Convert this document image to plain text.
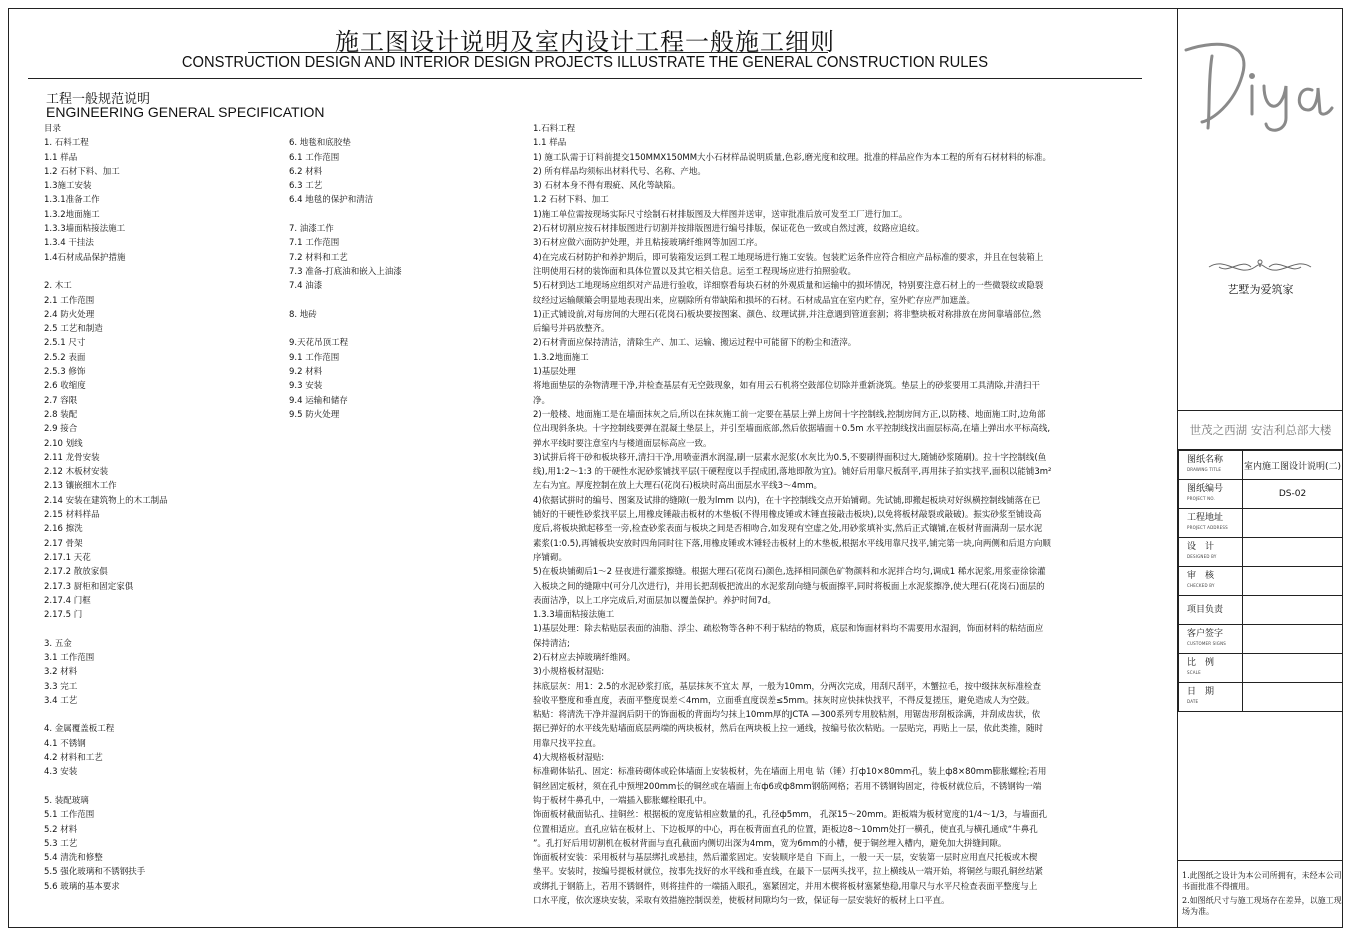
施工图设计说明及室内设计工程一般施工细则
CONSTRUCTION DESIGN AND INTERIOR DESIGN PROJECTS ILLUSTRATE THE GENERAL CONSTRUCTION RULES
工程一般规范说明
ENGINEERING GENERAL SPECIFICATION
目录
1. 石料工程
1.1 样品
1.2 石材下料、加工
1.3施工安装
1.3.1准备工作
1.3.2地面施工
1.3.3墙面粘接法施工
1.3.4 干挂法
1.4石材成品保护措施
2. 木工
2.1 工作范围
2.4 防火处理
2.5 工艺和制造
2.5.1 尺寸
2.5.2 表面
2.5.3 修饰
2.6 收缩度
2.7 容限
2.8 装配
2.9 接合
2.10 划线
2.11 龙骨安装
2.12 木板材安装
2.13 镶嵌细木工作
2.14 安装在建筑物上的木工制品
2.15 材料样品
2.16 擦洗
2.17 骨架
2.17.1 天花
2.17.2 散放家俱
2.17.3 厨柜和固定家俱
2.17.4 门框
2.17.5 门
3. 五金
3.1 工作范围
3.2 材料
3.3 完工
3.4 工艺
4. 金属覆盖板工程
4.1 不锈钢
4.2 材料和工艺
4.3 安装
5. 装配玻璃
5.1 工作范围
5.2 材料
5.3 工艺
5.4 清洗和修整
5.5 强化玻璃和不锈钢扶手
5.6 玻璃的基本要求
6. 地毯和底胶垫
6.1 工作范围
6.2 材料
6.3 工艺
6.4 地毯的保护和清洁
7. 油漆工作
7.1 工作范围
7.2 材料和工艺
7.3 准备-打底油和嵌入上油漆
7.4 油漆
8. 地砖
9.天花吊顶工程
9.1 工作范围
9.2 材料
9.3 安装
9.4 运输和储存
9.5 防火处理
1.石料工程
1.1 样品
1) 施工队需于订料前提交150MMX150MM大小石材样品说明质量,色彩,磨光度和纹理。批准的样品应作为本工程的所有石材材料的标准。
2) 所有样品均须标出材料代号、名称、产地。
3) 石材本身不得有瑕疵、风化等缺陷。
1.2 石材下料、加工
1)施工单位需按现场实际尺寸绘制石材排版图及大样图并送审，送审批准后放可发至工厂进行加工。
2)石材切割应按石材排版图进行切割并按排版图进行编号排版，保证花色一致或自然过渡，纹路应追纹。
3)石材应做六面防护处理，并且粘接玻璃纤维网等加固工序。
4)在完成石材防护和养护期后，即可装箱发运到工程工地现场进行施工安装。包装贮运条件应符合相应产品标准的要求，并且在包装箱上
注明使用石材的装饰面和具体位置以及其它相关信息。运至工程现场应进行拍照验收。
5)石材到达工地现场应组织对产品进行验收，详细察看每块石材的外观质量和运输中的损坏情况，特别要注意石材上的一些微裂纹或隐裂
纹经过运输颠簸会明显地表现出来，应剔除所有带缺陷和损坏的石材。石材成品宜在室内贮存，室外贮存应严加遮盖。
1)正式铺设前,对每房间的大理石(花岗石)板块要按图案、颜色、纹理试拼,并注意遇到管道套割；将非整块板对称排放在房间靠墙部位,然
后编号并码放整齐。
2)石材背面应保持清洁，清除生产、加工、运输、搬运过程中可能留下的粉尘和渣滓。
1.3.2地面施工
1)基层处理
将地面垫层的杂物清理干净,并检查基层有无空鼓现象，如有用云石机将空鼓部位切除并重新浇筑。垫层上的砂浆要用工具清除,并清扫干
净。
2)一般楼、地面施工是在墙面抹灰之后,所以在抹灰施工前一定要在基层上弹上房间十字控制线,控制房间方正,以防楼、地面施工时,边角部
位出现斜条块。十字控制线要弹在混凝土垫层上，并引至墙面底部,然后依据墙面＋0.5m 水平控制线找出面层标高,在墙上弹出水平标高线,
弹水平线时要注意室内与楼道面层标高应一致。
3)试拼后将干砂和板块移开,清扫干净,用喷壶洒水润湿,刷一层素水泥浆(水灰比为0.5,不要刷得面积过大,随铺砂浆随刷)。拉十字控制线(鱼
线),用1:2～1:3 的干硬性水泥砂浆铺找平层(干硬程度以手捏成团,落地即散为宜)。铺好后用靠尺板刮平,再用抹子拍实找平,面积以能铺3m²
左右为宜。厚度控制在放上大理石(花岗石)板块时高出面层水平线3～4mm。
4)依据试拼时的编号、图案及试排的缝隙(一般为lmm 以内)，在十字控制线交点开始铺砌。先试铺,即搬起板块对好纵横控制线铺落在已
铺好的干硬性砂浆找平层上,用橡皮锤敲击板材的木垫板(不得用橡皮锤或木锤直接敲击板块),以免将板材敲裂或敲破)。振实砂浆至铺设高
度后,将板块掀起移至一旁,检查砂浆表面与板块之间是否相吻合,如发现有空虚之处,用砂浆填补实,然后正式镶铺,在板材背面满刮一层水泥
素浆(1:0.5),再铺板块安放时四角同时往下落,用橡皮锤或木锤轻击板材上的木垫板,根据水平线用靠尺找平,铺完第一块,向两侧和后退方向顺
序铺砌。
5)在板块铺砌后1～2 昼夜进行灌浆擦缝。根据大理石(花岗石)颜色,选择相同颜色矿物颜料和水泥拌合均匀,调成1 稀水泥浆,用浆壶徐徐灌
入板块之间的缝隙中(可分几次进行)，并用长把刮板把流出的水泥浆刮向缝与板面擦平,同时将板面上水泥浆擦净,使大理石(花岗石)面层的
表面洁净，以上工序完成后,对面层加以覆盖保护。养护时间7d。
1.3.3墙面粘接法施工
1)基层处理：除去粘贴层表面的油脂、浮尘、疏松物等各种不利于粘结的物质，底层和饰面材料均不需要用水湿润，饰面材料的粘结面应
保持清洁;
2)石材应去掉玻璃纤维网。
3)小规格板材湿贴:
抹底层灰：用1：2.5的水泥砂浆打底，基层抹灰不宜太 厚，一般为10mm，分两次完成，用刮尺刮平，木蟹拉毛，按中级抹灰标准检查
验收平整度和垂直度，表面平整度误差＜4mm，立面垂直度误差≤5mm。抹灰时应快抹快找平，不得反复搓压，避免造成人为空鼓。
粘贴：将清洗干净并湿润后阴干的饰面板的背面均匀抹上10mm厚的JCTA —300系列专用胶粘剂，用锯齿形刮板涂满，并刮成齿状，依
据已弹好的水平线先贴墙面底层两端的两块板材，然后在两块板上拉一通线，按编号依次粘贴。一层贴完，再贴上一层，依此类推，随时
用靠尺找平拉直。
4)大规格板材湿贴:
标准砌体钻孔、固定：标准砖砌体或砼体墙面上安装板材，先在墙面上用电 钻（锤）打ф10×80mm孔，装上ф8×80mm膨胀螺栓;若用
铜丝固定板材，须在孔中预埋200mm长的铜丝或在墙面上布ф6或ф8mm钢筋网格；若用不锈钢钩固定，待板材就位后，不锈钢钩一端
钩于板材牛鼻孔中，一端插入膨胀螺栓眼孔中。
饰面板材截面钻孔、挂铜丝：根据板的宽度钻相应数量的孔，孔径ф5mm， 孔深15～20mm。距板端为板材宽度的1/4～1/3，与墙面孔
位置相适应。直孔应钻在板材上、下边板厚的中心，再在板背面直孔的位置，距板边8～10mm处打一横孔，使直孔与横孔通成“牛鼻孔
”。孔打好后用切割机在板材背面与直孔截面内侧切出深为4mm，宽为6mm的小槽，便于铜丝埋入槽内，避免加大拼缝间隙。
饰面板材安装：采用板材与基层绑扎或悬挂，然后灌浆固定。安装顺序是自 下而上，一般一天一层，安装第一层时应用直尺托板或木楔
垫平。安装时，按编号提板材就位，按事先找好的水平线和垂直线，在最下一层两头找平，拉上横线从一端开始，将铜丝与眼孔铜丝结紧
或绑扎于钢筋上，若用不锈钢件，则将挂件的一端插入眼孔，塞紧固定，并用木楔将板材塞紧垫稳,用靠尺与水平尺检查表面平整度与上
口水平度，依次逐块安装，采取有效措施控制误差，使板材间隙均匀一致，保证每一层安装好的板材上口平直。
艺墅为爱筑家
世茂之西湖 安洁利总部大楼
图纸名称
DRAWING TITLE	室内施工图设计说明(二)
图纸编号
PROJECT NO.	DS-02
工程地址
PROJECT ADDRESS	

设　计
DESIGNED BY	

审　核
CHECKED BY	

项目负责

客户签字
CUSTOMER SIGNS	

比　例
SCALE	

日　期
DATE	

1.此图纸之设计为本公司所拥有，未经本公司书面批准不得擅用。
2.如图纸尺寸与施工现场存在差异，以施工现场为准。
